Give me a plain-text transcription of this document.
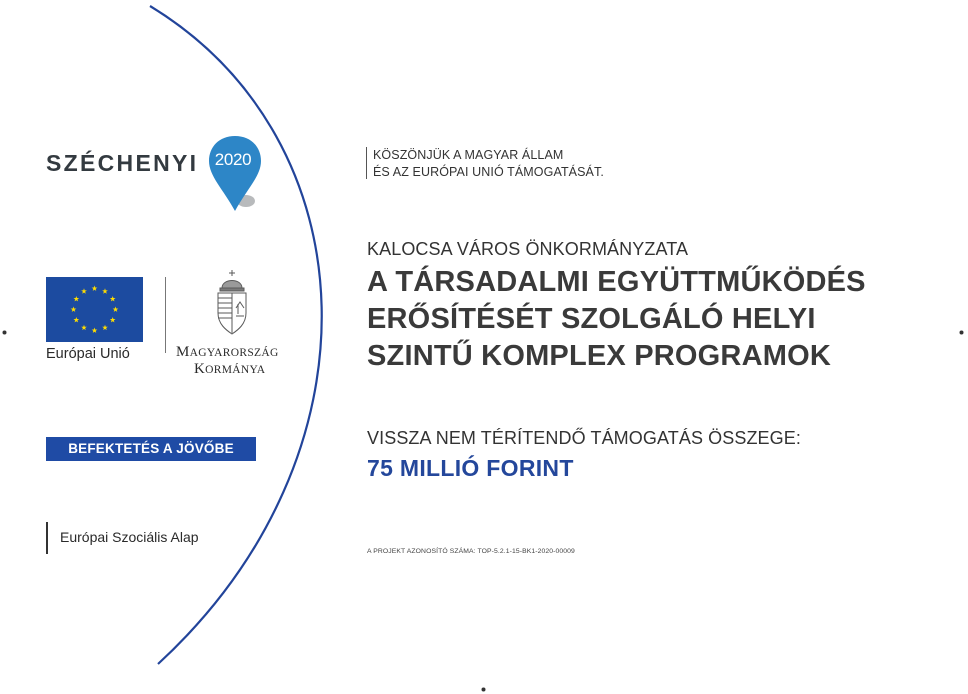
SZÉCHENYI 2020
Európai Unió	MAGYARORSZÁG
KORMÁNYA
BEFEKTETÉS A JÖVŐBE
Európai Szociális Alap
KÖSZÖNJÜK A MAGYAR ÁLLAM
ÉS AZ EURÓPAI UNIÓ TÁMOGATÁSÁT.
KALOCSA VÁROS ÖNKORMÁNYZATA
A TÁRSADALMI EGYÜTTMŰKÖDÉS
ERŐSÍTÉSÉT SZOLGÁLÓ HELYI
SZINTŰ KOMPLEX PROGRAMOK
VISSZA NEM TÉRÍTENDŐ TÁMOGATÁS ÖSSZEGE:
75 MILLIÓ FORINT
A PROJEKT AZONOSÍTÓ SZÁMA: TOP-5.2.1-15-BK1-2020-00009
